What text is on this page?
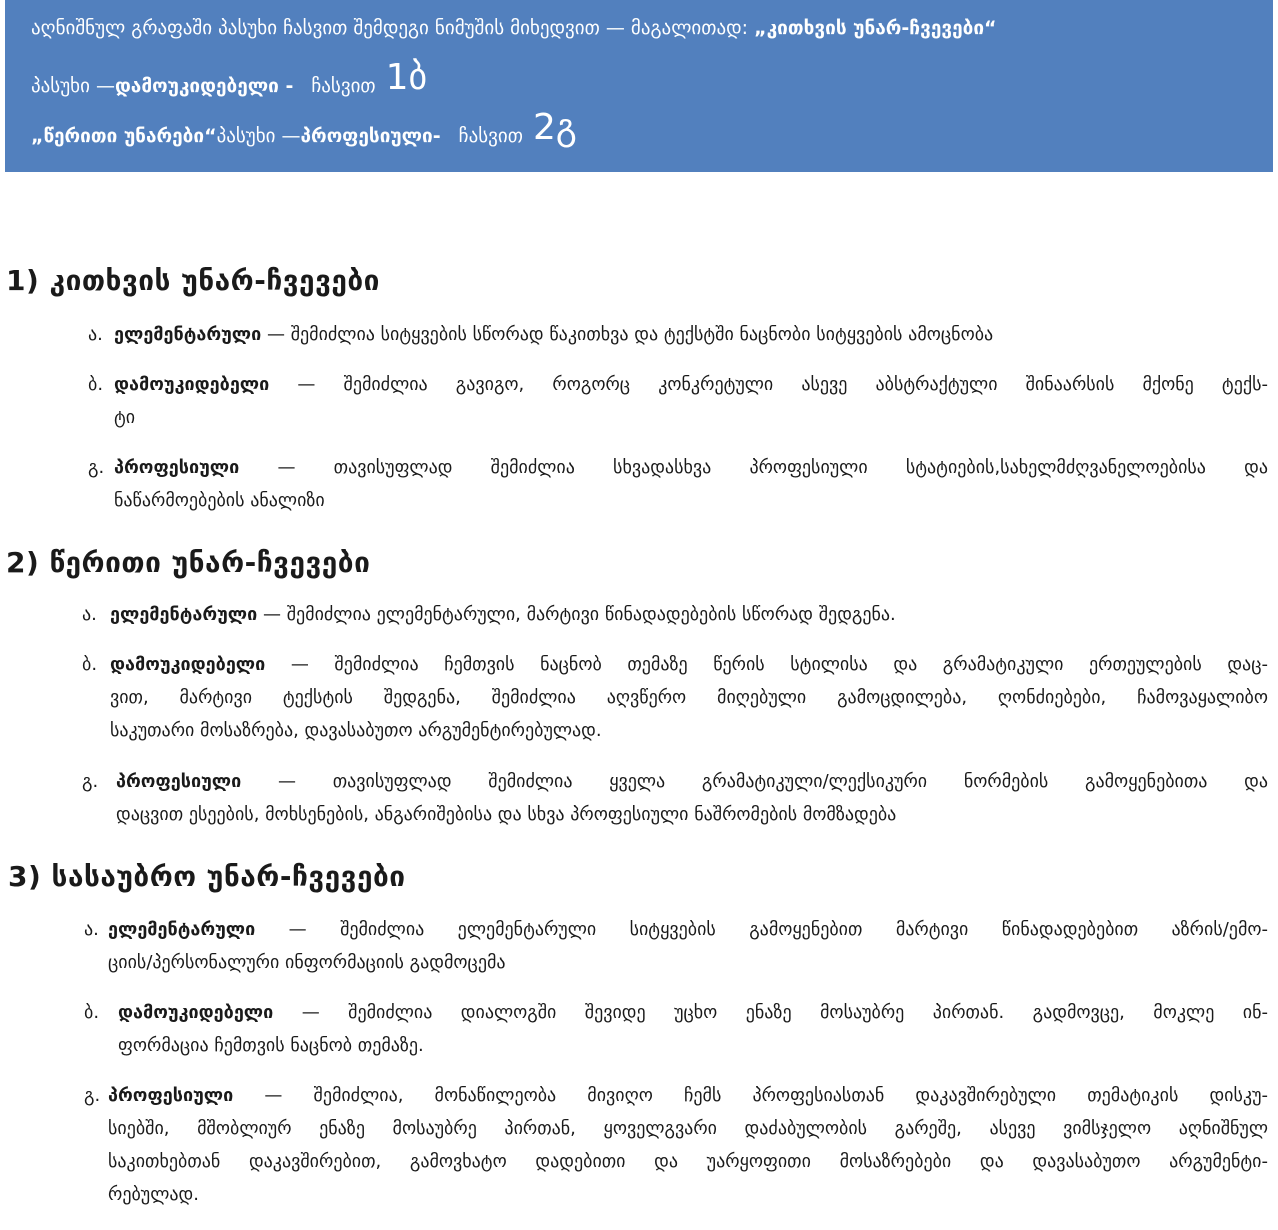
აღნიშნულ გრაფაში პასუხი ჩასვით შემდეგი ნიმუშის მიხედვით — მაგალითად: „კითხვის უნარ-ჩვევები“
პასუხი — დამოუკიდებელი - ჩასვით 1ბ
„წერითი უნარები“ პასუხი — პროფესიული- ჩასვით 2გ
1) კითხვის უნარ-ჩვევები
ა. ელემენტარული — შემიძლია სიტყვების სწორად წაკითხვა და ტექსტში ნაცნობი სიტყვების ამოცნობა
ბ. დამოუკიდებელი — შემიძლია გავიგო, როგორც კონკრეტული ასევე აბსტრაქტული შინაარსის მქონე ტექს-
ტი
გ. პროფესიული — თავისუფლად შემიძლია სხვადასხვა პროფესიული სტატიების,სახელმძღვანელოებისა და
ნაწარმოებების ანალიზი
2) წერითი უნარ-ჩვევები
ა. ელემენტარული — შემიძლია ელემენტარული, მარტივი წინადადებების სწორად შედგენა.
ბ. დამოუკიდებელი — შემიძლია ჩემთვის ნაცნობ თემაზე წერის სტილისა და გრამატიკული ერთეულების დაც-
ვით, მარტივი ტექსტის შედგენა, შემიძლია აღვწერო მიღებული გამოცდილება, ღონძიებები, ჩამოვაყალიბო
საკუთარი მოსაზრება, დავასაბუთო არგუმენტირებულად.
გ. პროფესიული — თავისუფლად შემიძლია ყველა გრამატიკული/ლექსიკური ნორმების გამოყენებითა და
დაცვით ესეების, მოხსენების, ანგარიშებისა და სხვა პროფესიული ნაშრომების მომზადება
3) სასაუბრო უნარ-ჩვევები
ა. ელემენტარული — შემიძლია ელემენტარული სიტყვების გამოყენებით მარტივი წინადადებებით აზრის/ემო-
ციის/პერსონალური ინფორმაციის გადმოცემა
ბ. დამოუკიდებელი — შემიძლია დიალოგში შევიდე უცხო ენაზე მოსაუბრე პირთან. გადმოვცე, მოკლე ინ-
ფორმაცია ჩემთვის ნაცნობ თემაზე.
გ. პროფესიული — შემიძლია, მონაწილეობა მივიღო ჩემს პროფესიასთან დაკავშირებული თემატიკის დისკუ-
სიებში, მშობლიურ ენაზე მოსაუბრე პირთან, ყოველგვარი დაძაბულობის გარეშე, ასევე ვიმსჯელო აღნიშნულ
საკითხებთან დაკავშირებით, გამოვხატო დადებითი და უარყოფითი მოსაზრებები და დავასაბუთო არგუმენტი-
რებულად.
